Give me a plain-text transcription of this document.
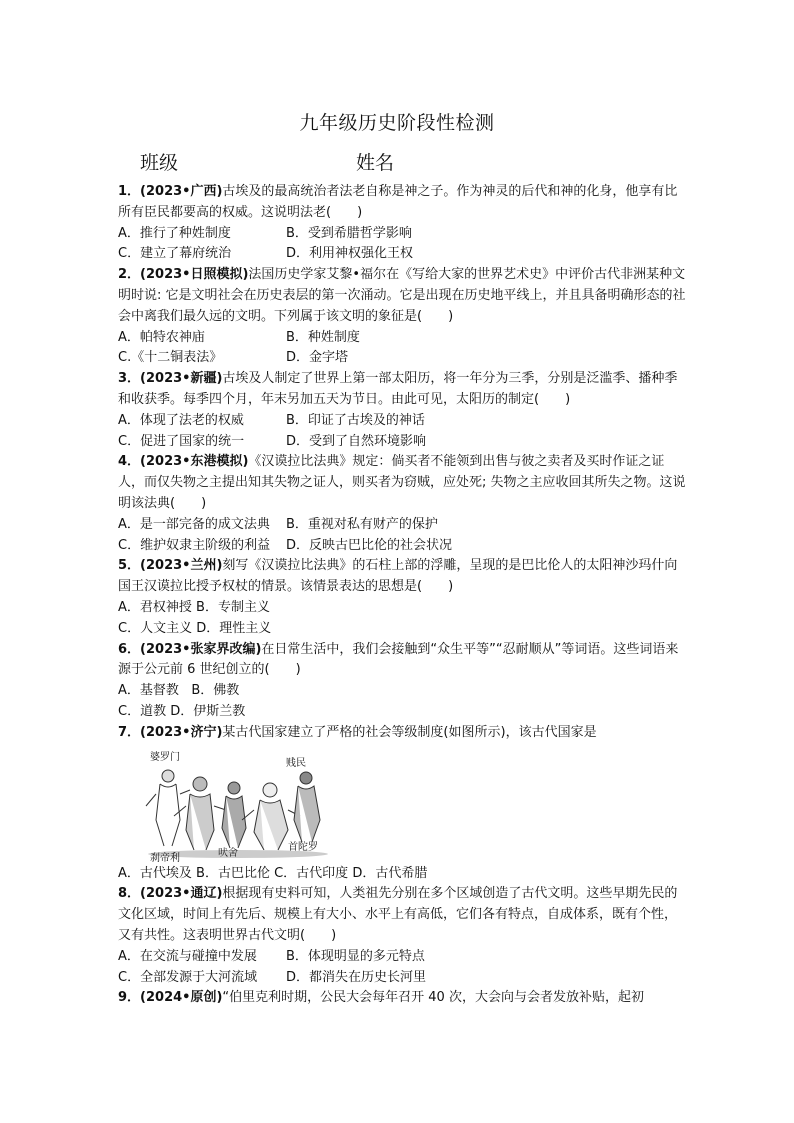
九年级历史阶段性检测
班级	姓名
1．(2023•广西)古埃及的最高统治者法老自称是神之子。作为神灵的后代和神的化身，他享有比所有臣民都要高的权威。这说明法老(　　)
A．推行了种姓制度	B．受到希腊哲学影响
C．建立了幕府统治	D．利用神权强化王权
2．(2023•日照模拟)法国历史学家艾黎•福尔在《写给大家的世界艺术史》中评价古代非洲某种文明时说: 它是文明社会在历史表层的第一次涌动。它是出现在历史地平线上，并且具备明确形态的社会中离我们最久远的文明。下列属于该文明的象征是(　　)
A．帕特农神庙	B．种姓制度
C.《十二铜表法》	D．金字塔
3．(2023•新疆)古埃及人制定了世界上第一部太阳历，将一年分为三季，分别是泛滥季、播种季和收获季。每季四个月，年末另加五天为节日。由此可见，太阳历的制定(　　)
A．体现了法老的权威	B．印证了古埃及的神话
C．促进了国家的统一	D．受到了自然环境影响
4．(2023•东港模拟)《汉谟拉比法典》规定：倘买者不能领到出售与彼之卖者及买时作证之证人，而仅失物之主提出知其失物之证人，则买者为窃贼，应处死; 失物之主应收回其所失之物。这说明该法典(　　)
A．是一部完备的成文法典	B．重视对私有财产的保护
C．维护奴隶主阶级的利益	D．反映古巴比伦的社会状况
5．(2023•兰州)刻写《汉谟拉比法典》的石柱上部的浮雕，呈现的是巴比伦人的太阳神沙玛什向国王汉谟拉比授予权杖的情景。该情景表达的思想是(　　)
A．君权神授 B．专制主义
C．人文主义 D．理性主义
6．(2023•张家界改编)在日常生活中，我们会接触到“众生平等”“忍耐顺从”等词语。这些词语来源于公元前 6 世纪创立的(　　)
A．基督教 B．佛教
C．道教 D．伊斯兰教
7．(2023•济宁)某古代国家建立了严格的社会等级制度(如图所示)，该古代国家是
婆罗门
贱民
刹帝利	吠舍
首陀罗
A．古代埃及 B．古巴比伦 C．古代印度 D．古代希腊
8．(2023•通辽)根据现有史料可知，人类祖先分别在多个区域创造了古代文明。这些早期先民的文化区域，时间上有先后、规模上有大小、水平上有高低，它们各有特点，自成体系，既有个性，又有共性。这表明世界古代文明(　　)
A．在交流与碰撞中发展	B．体现明显的多元特点
C．全部发源于大河流域	D．都消失在历史长河里
9．(2024•原创)“伯里克利时期，公民大会每年召开 40 次，大会向与会者发放补贴，起初
